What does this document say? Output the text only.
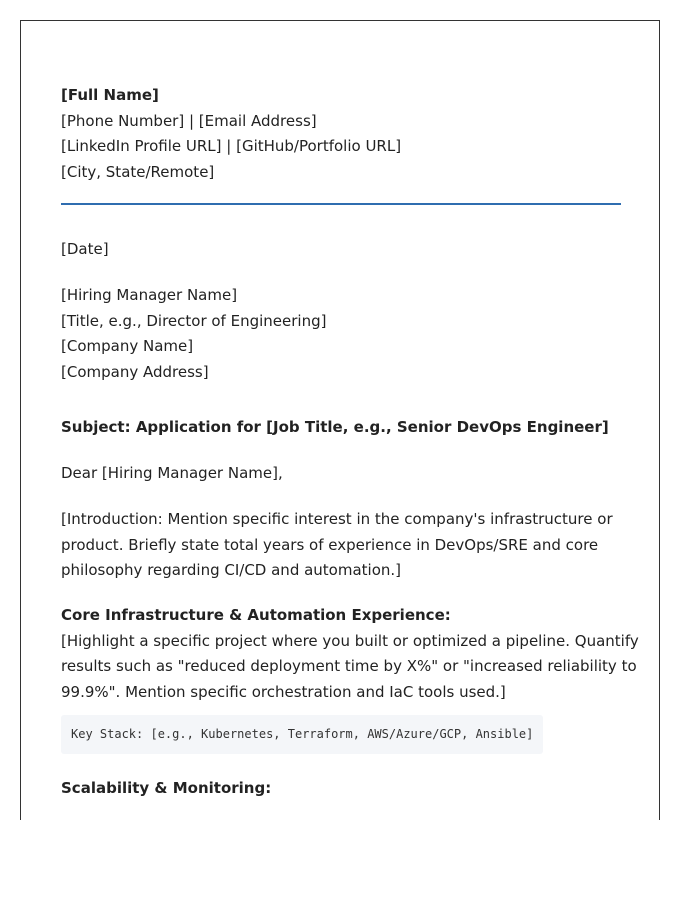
[Full Name]
[Phone Number] | [Email Address]
[LinkedIn Profile URL] | [GitHub/Portfolio URL]
[City, State/Remote]
[Date]
[Hiring Manager Name]
[Title, e.g., Director of Engineering]
[Company Name]
[Company Address]
Subject: Application for [Job Title, e.g., Senior DevOps Engineer]
Dear [Hiring Manager Name],
[Introduction: Mention specific interest in the company's infrastructure or
product. Briefly state total years of experience in DevOps/SRE and core
philosophy regarding CI/CD and automation.]
Core Infrastructure & Automation Experience:
[Highlight a specific project where you built or optimized a pipeline. Quantify
results such as "reduced deployment time by X%" or "increased reliability to
99.9%". Mention specific orchestration and IaC tools used.]
Key Stack: [e.g., Kubernetes, Terraform, AWS/Azure/GCP, Ansible]
Scalability & Monitoring:
